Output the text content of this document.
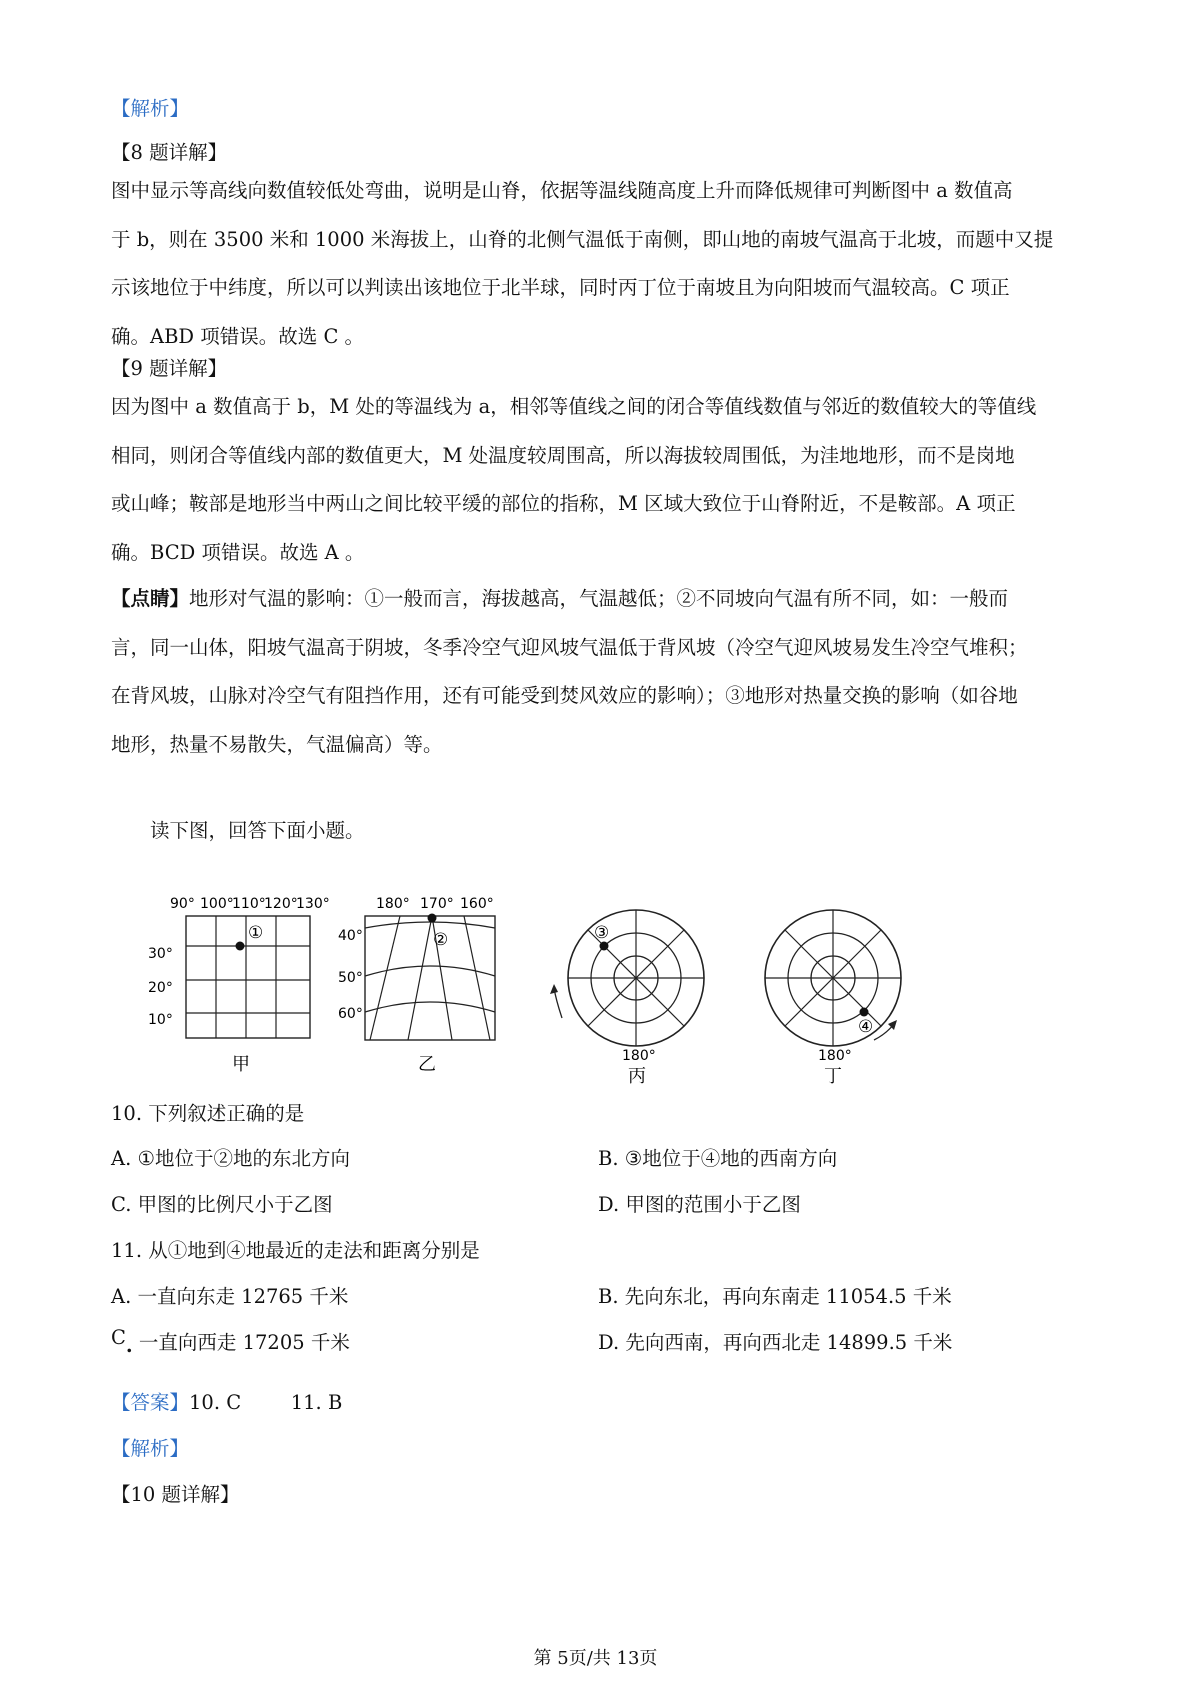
【解析】
【8 题详解】
图中显示等高线向数值较低处弯曲，说明是山脊，依据等温线随高度上升而降低规律可判断图中 a 数值高
于 b，则在 3500 米和 1000 米海拔上，山脊的北侧气温低于南侧，即山地的南坡气温高于北坡，而题中又提
示该地位于中纬度，所以可以判读出该地位于北半球，同时丙丁位于南坡且为向阳坡而气温较高。C 项正
确。ABD 项错误。故选 C 。
【9 题详解】
因为图中 a 数值高于 b，M 处的等温线为 a，相邻等值线之间的闭合等值线数值与邻近的数值较大的等值线
相同，则闭合等值线内部的数值更大，M 处温度较周围高，所以海拔较周围低，为洼地地形，而不是岗地
或山峰；鞍部是地形当中两山之间比较平缓的部位的指称，M 区域大致位于山脊附近，不是鞍部。A 项正
确。BCD 项错误。故选 A 。
【点睛】地形对气温的影响：①一般而言，海拔越高，气温越低；②不同坡向气温有所不同，如：一般而
言，同一山体，阳坡气温高于阴坡，冬季冷空气迎风坡气温低于背风坡（冷空气迎风坡易发生冷空气堆积；
在背风坡，山脉对冷空气有阻挡作用，还有可能受到焚风效应的影响）；③地形对热量交换的影响（如谷地
地形，热量不易散失，气温偏高）等。
读下图，回答下面小题。
90° 100°
110°
120°
130°
30°
20°
10°
①
甲
180° 170° 160°
40°
50°
60°
②
乙
③
180°
丙
④
180°
丁
10. 下列叙述正确的是
A. ①地位于②地的东北方向	B. ③地位于④地的西南方向
C. 甲图的比例尺小于乙图	D. 甲图的范围小于乙图
11. 从①地到④地最近的走法和距离分别是
A. 一直向东走 12765 千米	B. 先向东北，再向东南走 11054.5 千米
C. 一直向西走 17205 千米	D. 先向西南，再向西北走 14899.5 千米
【答案】10. C        11. B
【解析】
【10 题详解】
第 5页/共 13页
